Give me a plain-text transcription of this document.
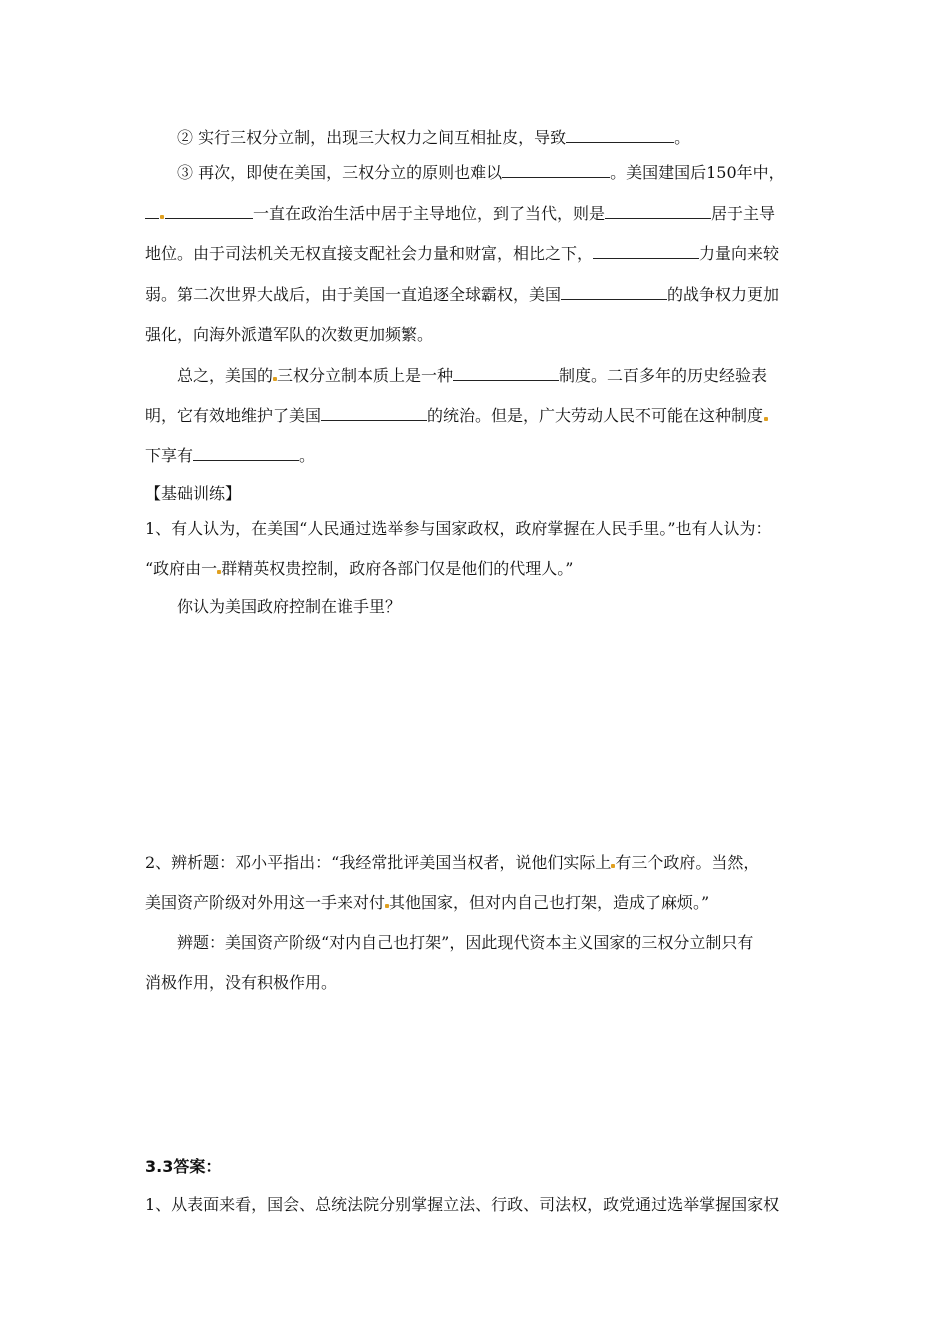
② 实行三权分立制，出现三大权力之间互相扯皮，导致	。
③ 再次，即使在美国，三权分立的原则也难以	。美国建国后150年中，
一直在政治生活中居于主导地位，到了当代，则是	居于主导
地位。由于司法机关无权直接支配社会力量和财富，相比之下，	力量向来较
弱。第二次世界大战后，由于美国一直追逐全球霸权，美国	的战争权力更加
强化，向海外派遣军队的次数更加频繁。
总之，美国的 三权分立制本质上是一种	制度。二百多年的历史经验表
明，它有效地维护了美国	的统治。但是，广大劳动人民不可能在这种制度
下享有	。
【基础训练】
1、有人认为，在美国“人民通过选举参与国家政权，政府掌握在人民手里。”也有人认为：
“政府由一 群精英权贵控制，政府各部门仅是他们的代理人。”
你认为美国政府控制在谁手里？
2、辨析题：邓小平指出：“我经常批评美国当权者，说他们实际上 有三个政府。当然，
美国资产阶级对外用这一手来对付 其他国家，但对内自己也打架，造成了麻烦。”
辨题：美国资产阶级“对内自己也打架”，因此现代资本主义国家的三权分立制只有
消极作用，没有积极作用。
3.3答案：
1、从表面来看，国会、总统法院分别掌握立法、行政、司法权，政党通过选举掌握国家权
